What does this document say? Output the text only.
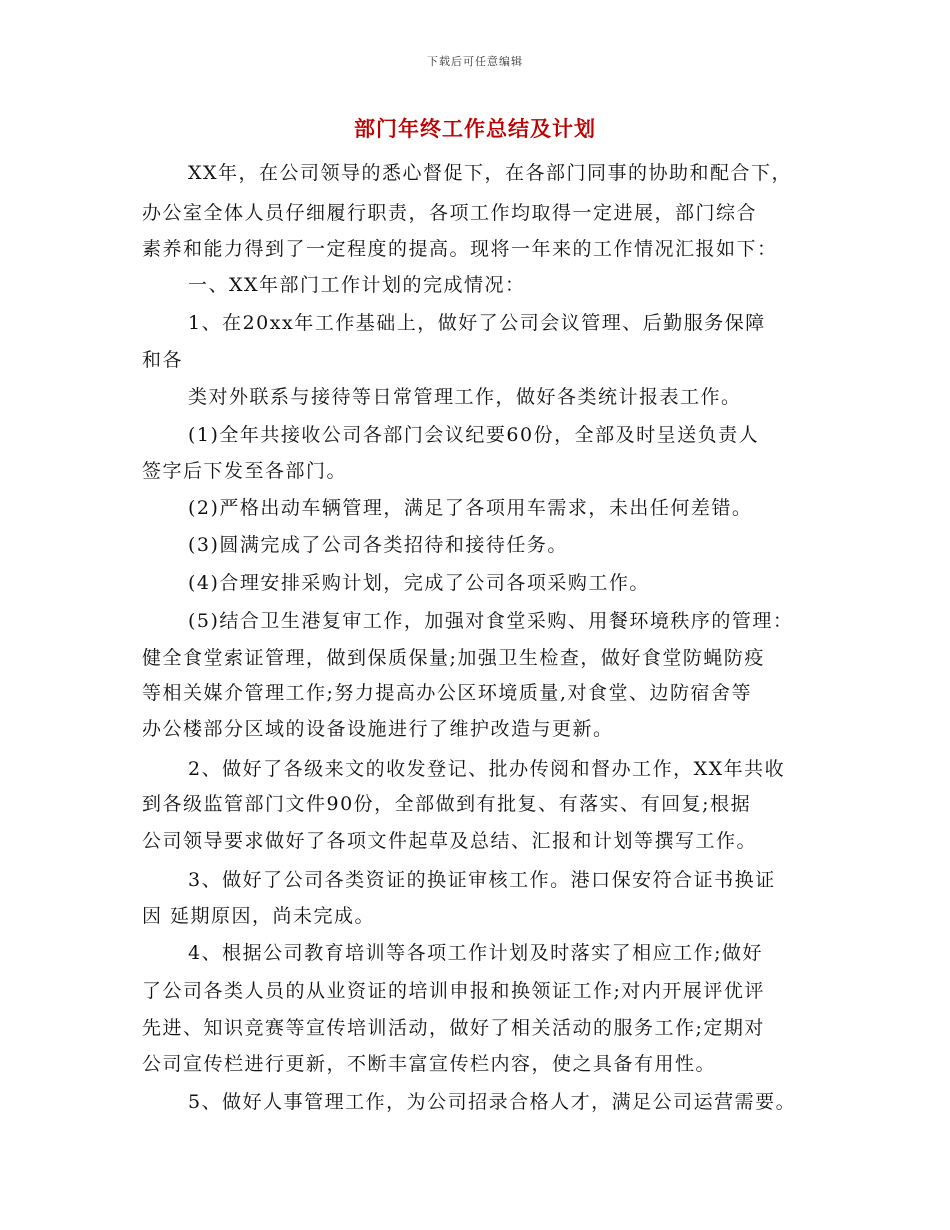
下载后可任意编辑
部门年终工作总结及计划
XX年，在公司领导的悉心督促下，在各部门同事的协助和配合下，
办公室全体人员仔细履行职责，各项工作均取得一定进展，部门综合
素养和能力得到了一定程度的提高。现将一年来的工作情况汇报如下：
一、XX年部门工作计划的完成情况：
1、在20xx年工作基础上，做好了公司会议管理、后勤服务保障
和各
类对外联系与接待等日常管理工作，做好各类统计报表工作。
(1)全年共接收公司各部门会议纪要60份，全部及时呈送负责人
签字后下发至各部门。
(2)严格出动车辆管理，满足了各项用车需求，未出任何差错。
(3)圆满完成了公司各类招待和接待任务。
(4)合理安排采购计划，完成了公司各项采购工作。
(5)结合卫生港复审工作，加强对食堂采购、用餐环境秩序的管理：
健全食堂索证管理，做到保质保量;加强卫生检查，做好食堂防蝇防疫
等相关媒介管理工作;努力提高办公区环境质量,对食堂、边防宿舍等
办公楼部分区域的设备设施进行了维护改造与更新。
2、做好了各级来文的收发登记、批办传阅和督办工作，XX年共收
到各级监管部门文件90份，全部做到有批复、有落实、有回复;根据
公司领导要求做好了各项文件起草及总结、汇报和计划等撰写工作。
3、做好了公司各类资证的换证审核工作。港口保安符合证书换证
因 延期原因，尚未完成。
4、根据公司教育培训等各项工作计划及时落实了相应工作;做好
了公司各类人员的从业资证的培训申报和换领证工作;对内开展评优评
先进、知识竞赛等宣传培训活动，做好了相关活动的服务工作;定期对
公司宣传栏进行更新，不断丰富宣传栏内容，使之具备有用性。
5、做好人事管理工作，为公司招录合格人才，满足公司运营需要。
